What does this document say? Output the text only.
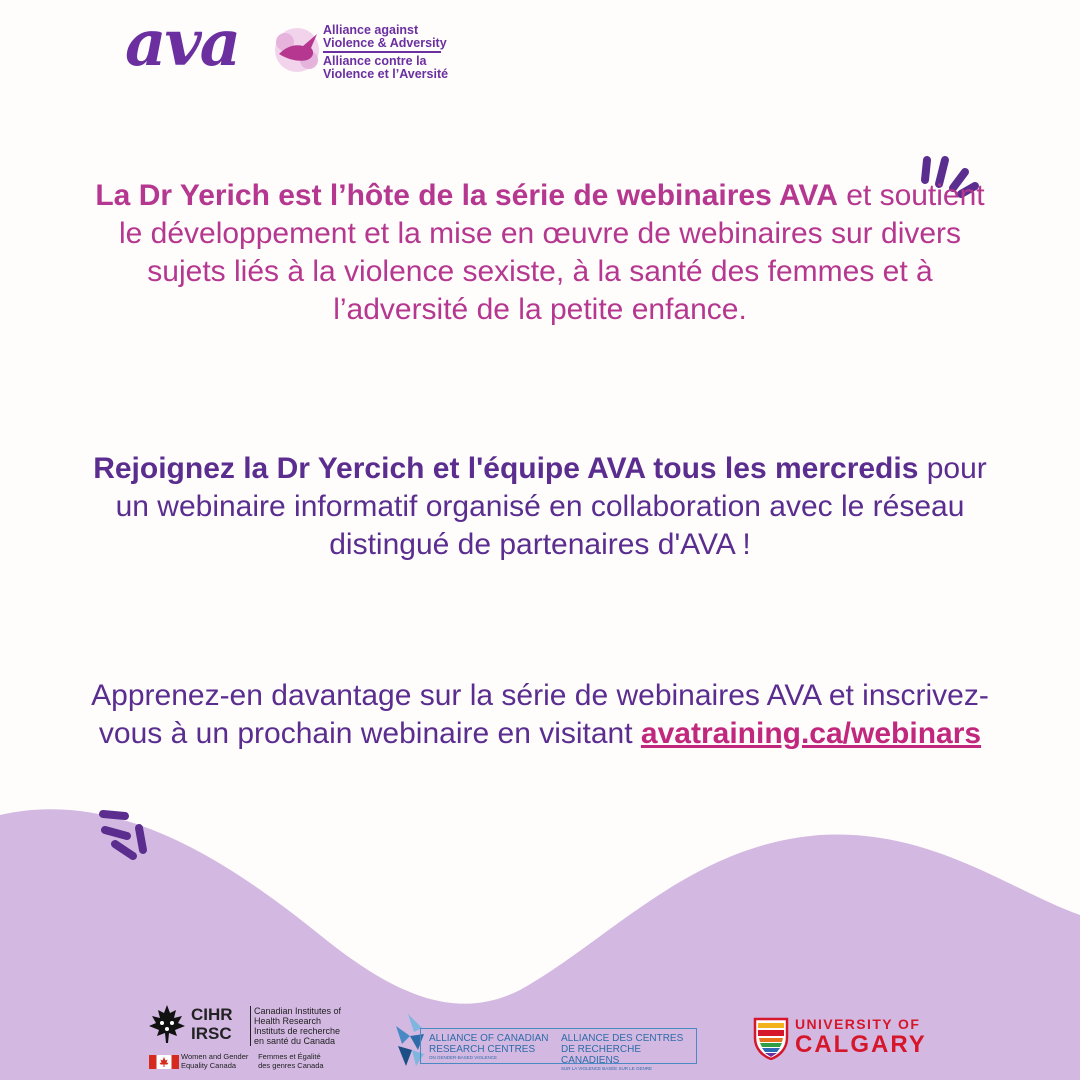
ava	Alliance against
Violence & Adversity
Alliance contre la
Violence et l’Aversité
La Dr Yerich est l’hôte de la série de webinaires AVA et soutient le développement et la mise en œuvre de webinaires sur divers sujets liés à la violence sexiste, à la santé des femmes et à l’adversité de la petite enfance.
Rejoignez la Dr Yercich et l'équipe AVA tous les mercredis pour un webinaire informatif organisé en collaboration avec le réseau distingué de partenaires d'AVA !
Apprenez-en davantage sur la série de webinaires AVA et inscrivez-vous à un prochain webinaire en visitant avatraining.ca/webinars
CIHR
IRSC
Canadian Institutes of
Health Research
Instituts de recherche
en santé du Canada
Women and Gender
Equality Canada Femmes et Égalité
des genres Canada
ALLIANCE OF CANADIAN
RESEARCH CENTRES
ON GENDER-BASED VIOLENCE
ALLIANCE DES CENTRES
DE RECHERCHE CANADIENS
SUR LA VIOLENCE BASÉE SUR LE GENRE
UNIVERSITY OF
CALGARY
